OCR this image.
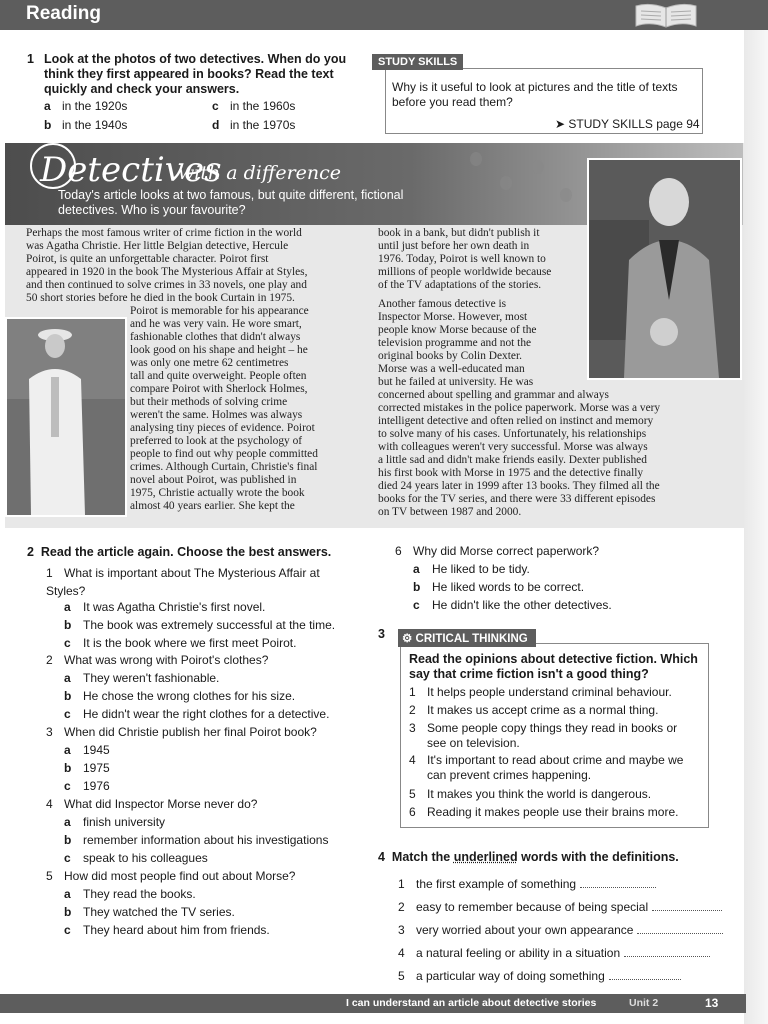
Reading
1 Look at the photos of two detectives. When do you think they first appeared in books? Read the text quickly and check your answers.
a in the 1920s	c in the 1960s
b in the 1940s	d in the 1970s
STUDY SKILLS
Why is it useful to look at pictures and the title of texts before you read them?
➤ STUDY SKILLS page 94
Detectives
with a difference
Today's article looks at two famous, but quite different, fictional detectives. Who is your favourite?
Perhaps the most famous writer of crime fiction in the world
was Agatha Christie. Her little Belgian detective, Hercule
Poirot, is quite an unforgettable character. Poirot first
appeared in 1920 in the book The Mysterious Affair at Styles,
and then continued to solve crimes in 33 novels, one play and
50 short stories before he died in the book Curtain in 1975.
Poirot is memorable for his appearance
and he was very vain. He wore smart,
fashionable clothes that didn't always
look good on his shape and height – he
was only one metre 62 centimetres
tall and quite overweight. People often
compare Poirot with Sherlock Holmes,
but their methods of solving crime
weren't the same. Holmes was always
analysing tiny pieces of evidence. Poirot
preferred to look at the psychology of
people to find out why people committed
crimes. Although Curtain, Christie's final
novel about Poirot, was published in
1975, Christie actually wrote the book
almost 40 years earlier. She kept the
book in a bank, but didn't publish it
until just before her own death in
1976. Today, Poirot is well known to
millions of people worldwide because
of the TV adaptations of the stories.
Another famous detective is
Inspector Morse. However, most
people know Morse because of the
television programme and not the
original books by Colin Dexter.
Morse was a well-educated man
but he failed at university. He was
concerned about spelling and grammar and always
corrected mistakes in the police paperwork. Morse was a very
intelligent detective and often relied on instinct and memory
to solve many of his cases. Unfortunately, his relationships
with colleagues weren't very successful. Morse was always
a little sad and didn't make friends easily. Dexter published
his first book with Morse in 1975 and the detective finally
died 24 years later in 1999 after 13 books. They filmed all the
books for the TV series, and there were 33 different episodes
on TV between 1987 and 2000.
2 Read the article again. Choose the best answers.
1 What is important about The Mysterious Affair at Styles?
a It was Agatha Christie's first novel.
b The book was extremely successful at the time.
c It is the book where we first meet Poirot.
2 What was wrong with Poirot's clothes?
a They weren't fashionable.
b He chose the wrong clothes for his size.
c He didn't wear the right clothes for a detective.
3 When did Christie publish her final Poirot book?
a 1945
b 1975
c 1976
4 What did Inspector Morse never do?
a finish university
b remember information about his investigations
c speak to his colleagues
5 How did most people find out about Morse?
a They read the books.
b They watched the TV series.
c They heard about him from friends.
6 Why did Morse correct paperwork?
a He liked to be tidy.
b He liked words to be correct.
c He didn't like the other detectives.
3	⚙ CRITICAL THINKING
Read the opinions about detective fiction. Which say that crime fiction isn't a good thing?
1 It helps people understand criminal behaviour.
2 It makes us accept crime as a normal thing.
3 Some people copy things they read in books or see on television.
4 It's important to read about crime and maybe we can prevent crimes happening.
5 It makes you think the world is dangerous.
6 Reading it makes people use their brains more.
4 Match the underlined words with the definitions.
1 the first example of something
2 easy to remember because of being special
3 very worried about your own appearance
4 a natural feeling or ability in a situation
5 a particular way of doing something
I can understand an article about detective stories	Unit 2	13
